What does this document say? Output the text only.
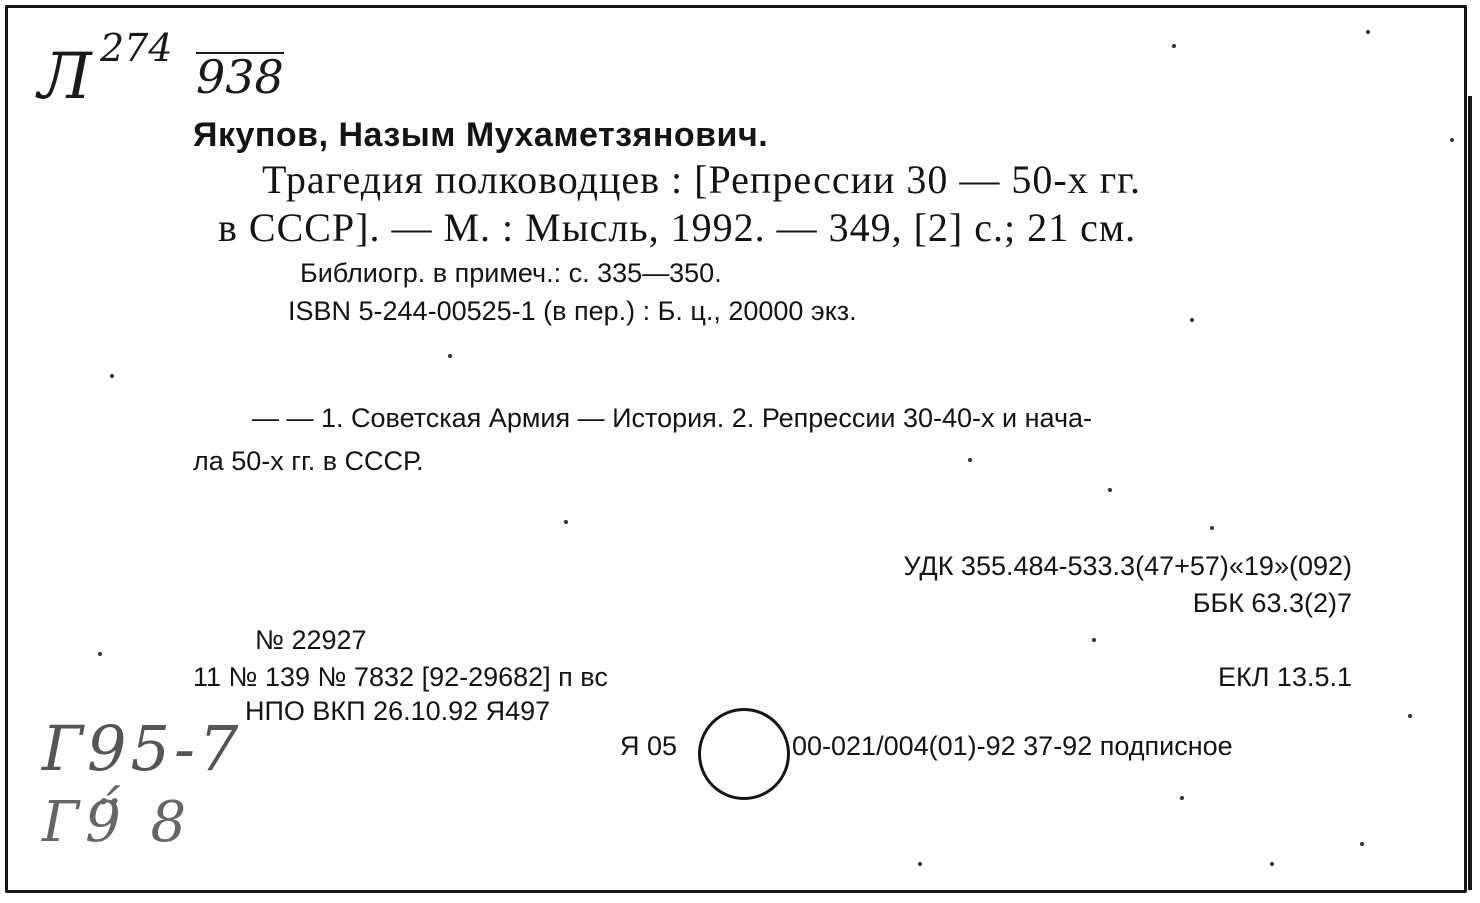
Л 274
938
Якупов, Назым Мухаметзянович.
Трагедия полководцев : [Репрессии 30 — 50-х гг.
в СССР]. — М. : Мысль, 1992. — 349, [2] с.; 21 см.
Библиогр. в примеч.: с. 335—350.
ISBN 5-244-00525-1 (в пер.) : Б. ц., 20000 экз.
— — 1. Советская Армия — История. 2. Репрессии 30-40-х и нача-
ла 50-х гг. в СССР.
УДК 355.484-533.3(47+57)«19»(092)
ББК 63.3(2)7
№ 22927
11 № 139 № 7832 [92-29682] п вс	ЕКЛ 13.5.1
НПО ВКП 26.10.92 Я497
Я 05	00-021/004(01)-92 37-92 подписное
Г95-7
Г9̈́ 8
